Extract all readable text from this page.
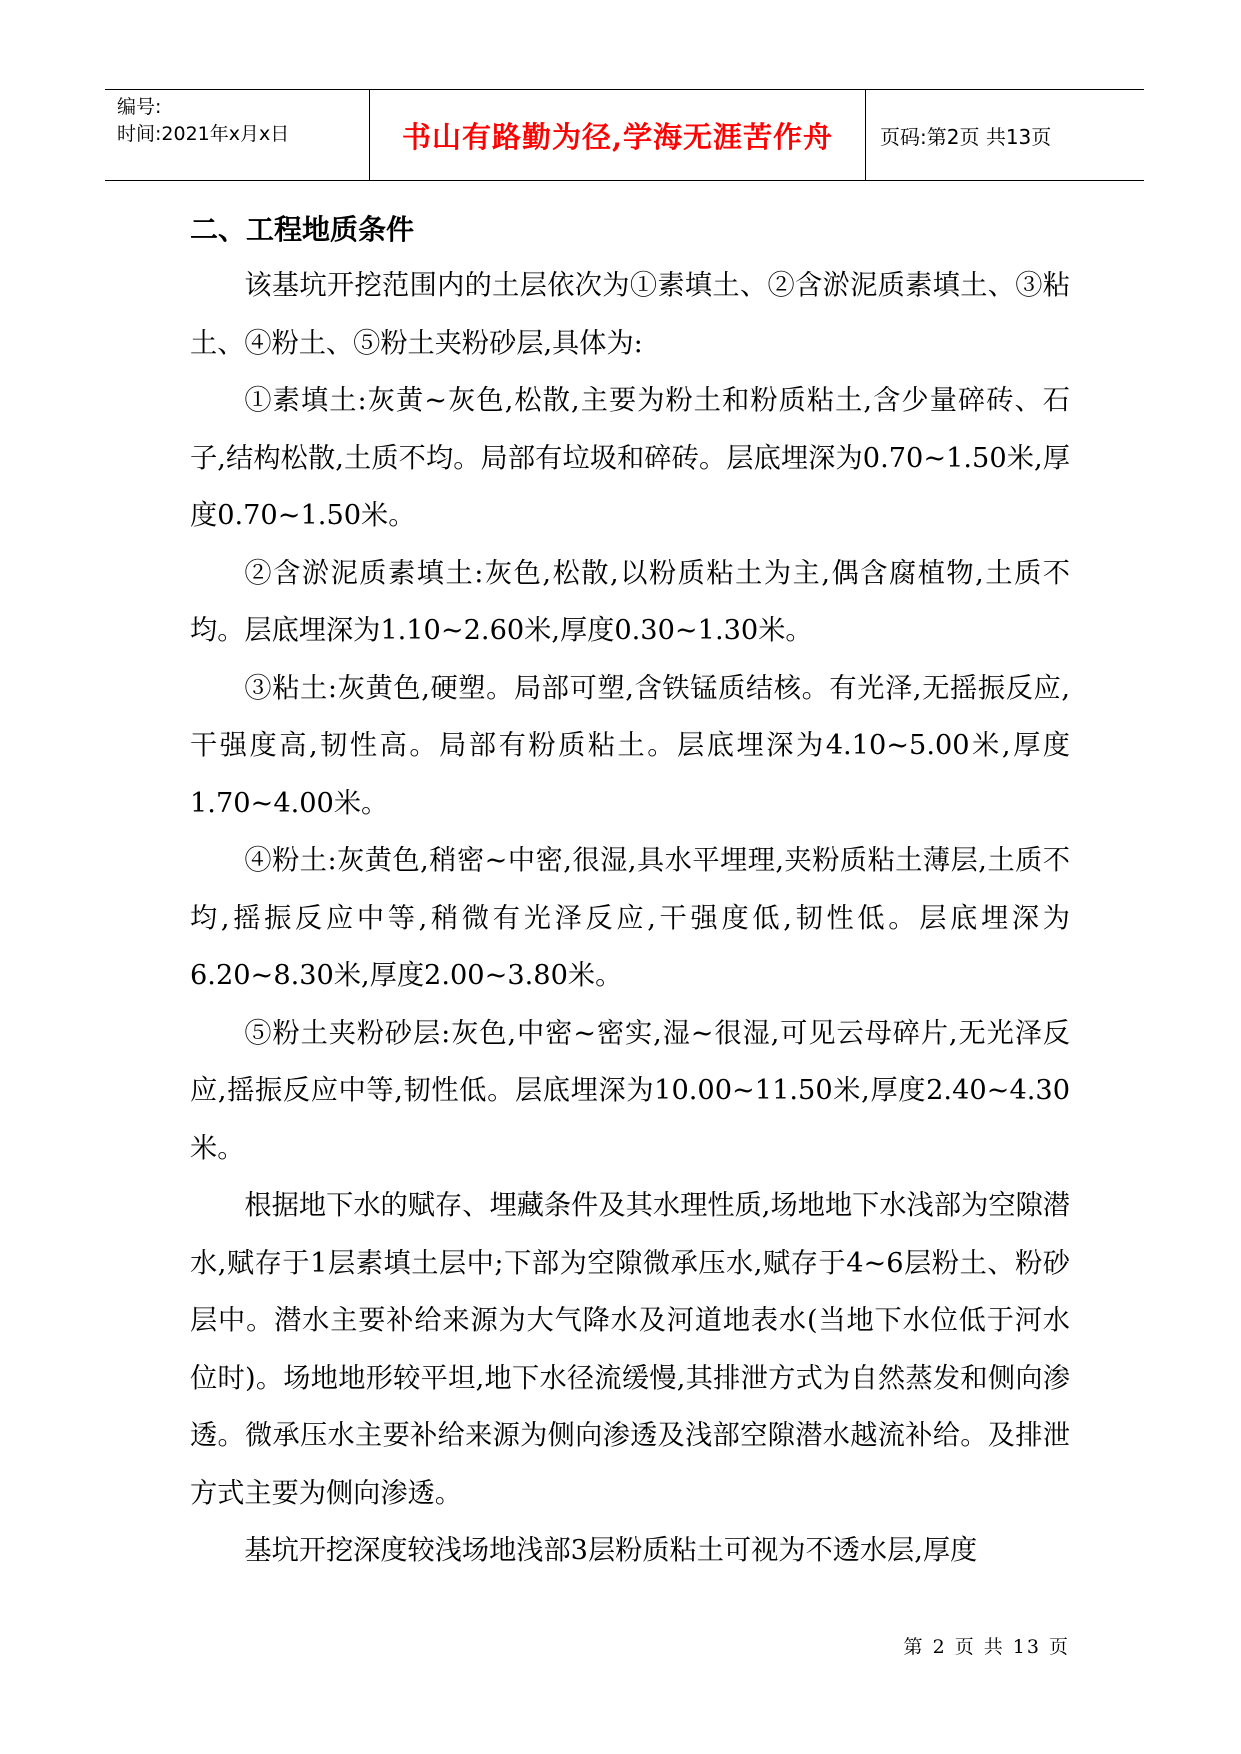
编号:
时间:2021年x月x日	书山有路勤为径,学海无涯苦作舟	页码:第2页 共13页
二、工程地质条件

该基坑开挖范围内的土层依次为①素填土、②含淤泥质素填土、③粘土、④粉土、⑤粉土夹粉砂层,具体为:

①素填土:灰黄~灰色,松散,主要为粉土和粉质粘土,含少量碎砖、石子,结构松散,土质不均。局部有垃圾和碎砖。层底埋深为0.70~1.50米,厚度0.70~1.50米。

②含淤泥质素填土:灰色,松散,以粉质粘土为主,偶含腐植物,土质不均。层底埋深为1.10~2.60米,厚度0.30~1.30米。

③粘土:灰黄色,硬塑。局部可塑,含铁锰质结核。有光泽,无摇振反应,干强度高,韧性高。局部有粉质粘土。层底埋深为4.10~5.00米,厚度1.70~4.00米。

④粉土:灰黄色,稍密~中密,很湿,具水平埋理,夹粉质粘土薄层,土质不均,摇振反应中等,稍微有光泽反应,干强度低,韧性低。层底埋深为6.20~8.30米,厚度2.00~3.80米。

⑤粉土夹粉砂层:灰色,中密~密实,湿~很湿,可见云母碎片,无光泽反应,摇振反应中等,韧性低。层底埋深为10.00~11.50米,厚度2.40~4.30米。

根据地下水的赋存、埋藏条件及其水理性质,场地地下水浅部为空隙潜水,赋存于1层素填土层中;下部为空隙微承压水,赋存于4~6层粉土、粉砂层中。潜水主要补给来源为大气降水及河道地表水(当地下水位低于河水位时)。场地地形较平坦,地下水径流缓慢,其排泄方式为自然蒸发和侧向渗透。微承压水主要补给来源为侧向渗透及浅部空隙潜水越流补给。及排泄方式主要为侧向渗透。

基坑开挖深度较浅场地浅部3层粉质粘土可视为不透水层,厚度

第 2 页 共 13 页
